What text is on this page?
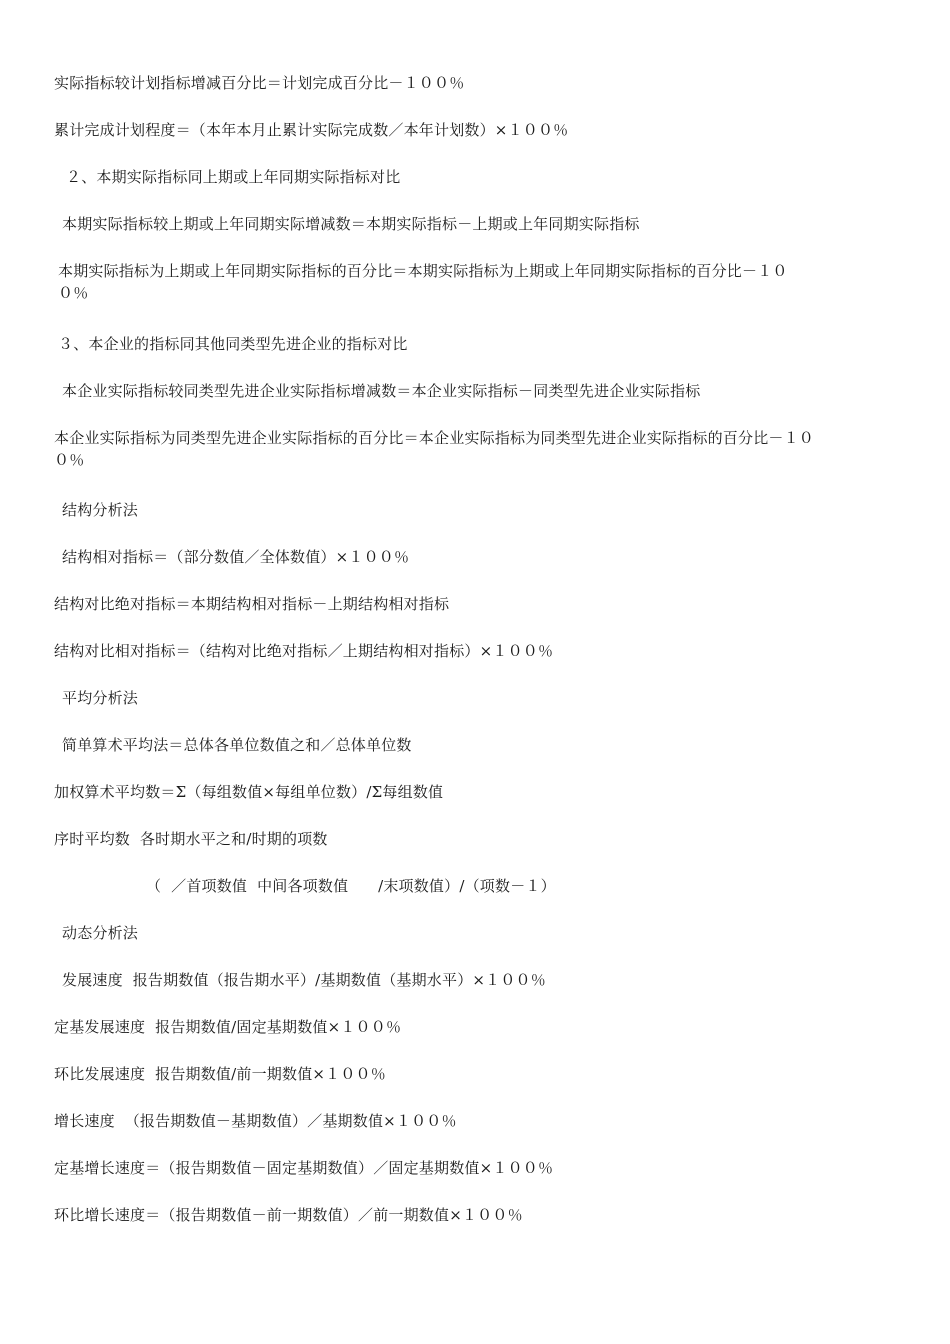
实际指标较计划指标增减百分比＝计划完成百分比－１００％
累计完成计划程度＝（本年本月止累计实际完成数／本年计划数）×１００％
２、本期实际指标同上期或上年同期实际指标对比
本期实际指标较上期或上年同期实际增减数＝本期实际指标－上期或上年同期实际指标
本期实际指标为上期或上年同期实际指标的百分比＝本期实际指标为上期或上年同期实际指标的百分比－１０
０％
３、本企业的指标同其他同类型先进企业的指标对比
本企业实际指标较同类型先进企业实际指标增减数＝本企业实际指标－同类型先进企业实际指标
本企业实际指标为同类型先进企业实际指标的百分比＝本企业实际指标为同类型先进企业实际指标的百分比－１０
０％
结构分析法
结构相对指标＝（部分数值／全体数值）×１００％
结构对比绝对指标＝本期结构相对指标－上期结构相对指标
结构对比相对指标＝（结构对比绝对指标／上期结构相对指标）×１００％
平均分析法
简单算术平均法＝总体各单位数值之和／总体单位数
加权算术平均数＝Σ（每组数值×每组单位数）/Σ每组数值
序时平均数  各时期水平之和/时期的项数
（  ／首项数值  中间各项数值      /末项数值）/（项数－１）
动态分析法
发展速度  报告期数值（报告期水平）/基期数值（基期水平）×１００％
定基发展速度  报告期数值/固定基期数值×１００％
环比发展速度  报告期数值/前一期数值×１００％
增长速度  （报告期数值－基期数值）／基期数值×１００％
定基增长速度＝（报告期数值－固定基期数值）／固定基期数值×１００％
环比增长速度＝（报告期数值－前一期数值）／前一期数值×１００％
